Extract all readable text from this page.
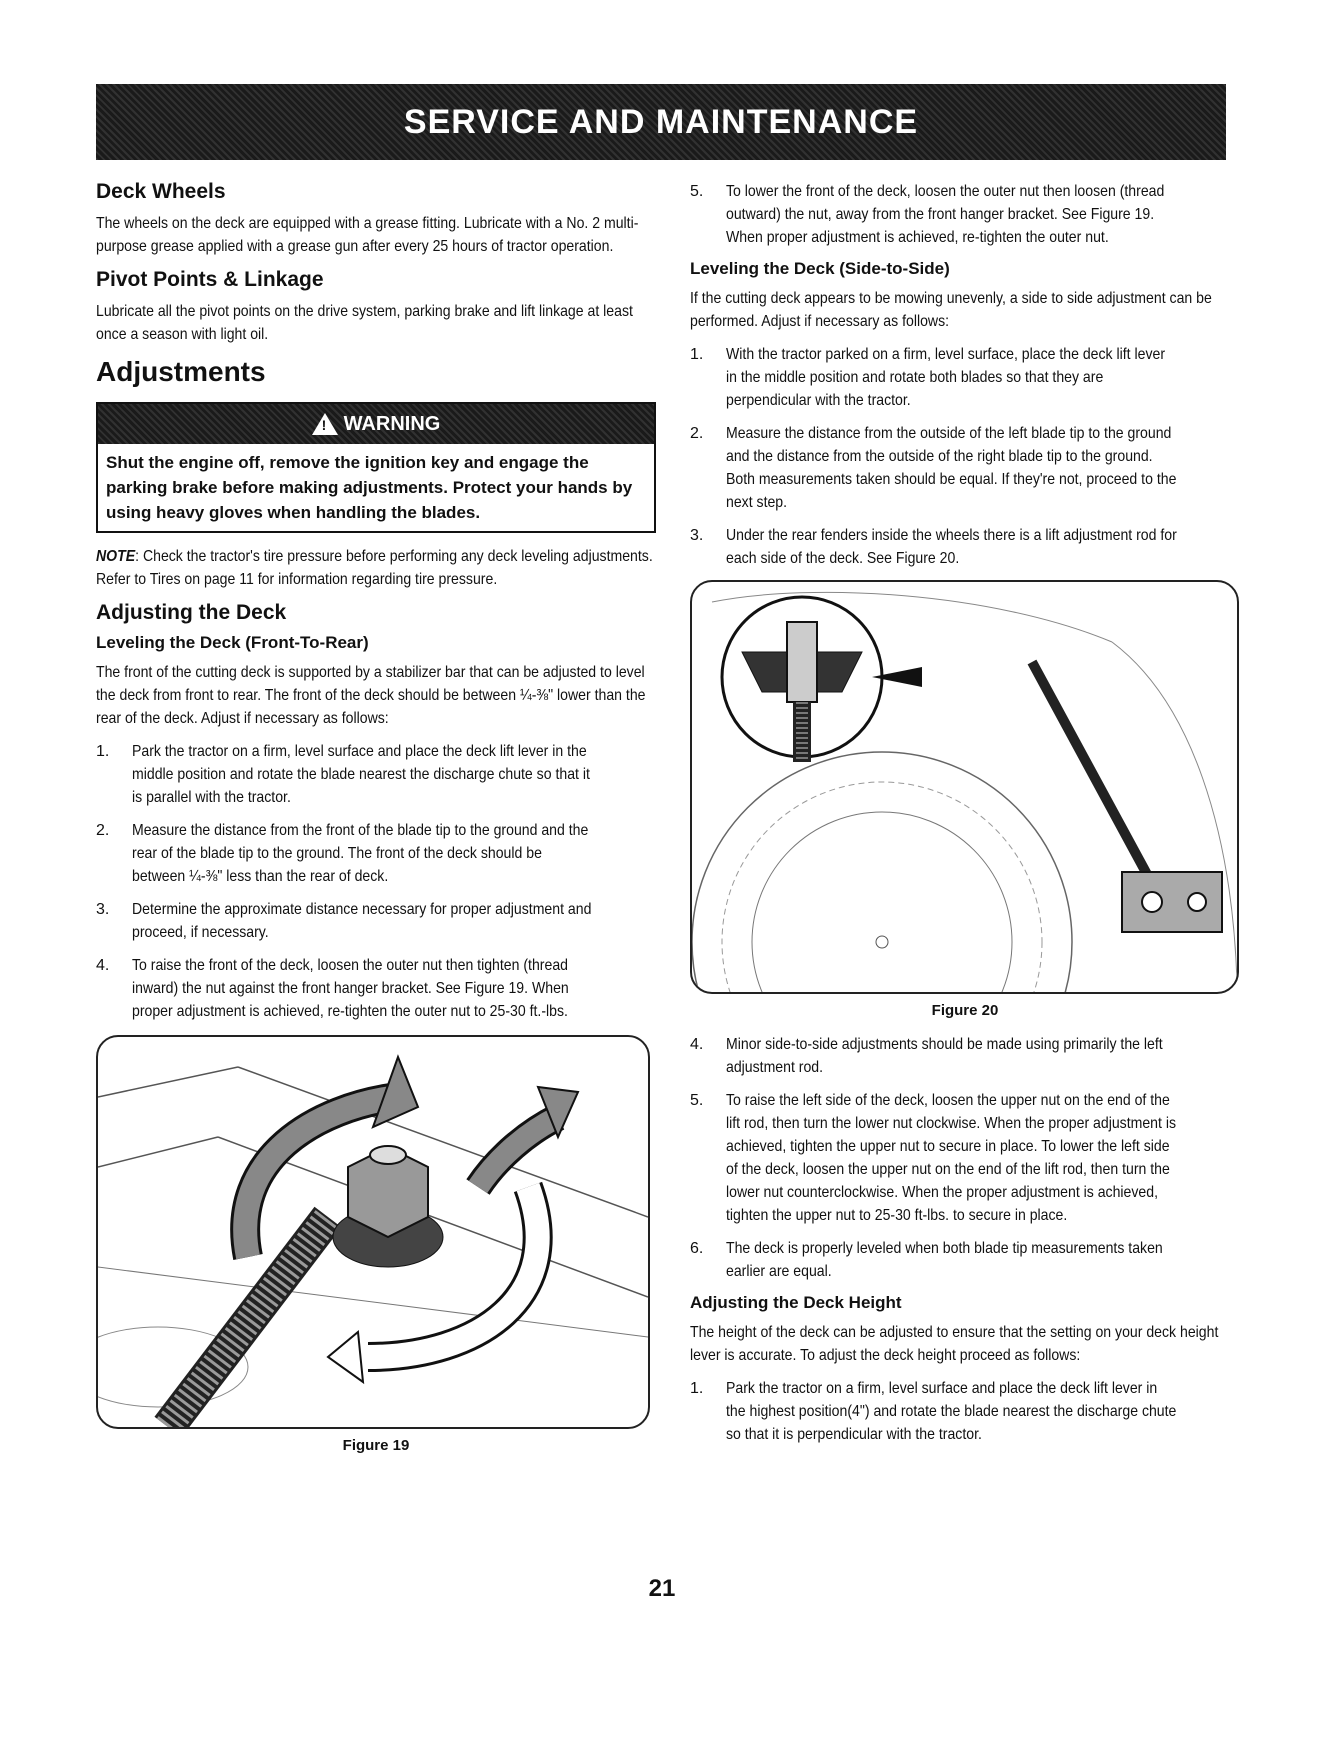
SERVICE AND MAINTENANCE
Deck Wheels

The wheels on the deck are equipped with a grease fitting. Lubricate with a No. 2 multi-purpose grease applied with a grease gun after every 25 hours of tractor operation.

Pivot Points & Linkage

Lubricate all the pivot points on the drive system, parking brake and lift linkage at least once a season with light oil.

Adjustments
! WARNING
Shut the engine off, remove the ignition key and engage the parking brake before making adjustments. Protect your hands by using heavy gloves when handling the blades.

NOTE: Check the tractor's tire pressure before performing any deck leveling adjustments. Refer to Tires on page 11 for information regarding tire pressure.

Adjusting the Deck
Leveling the Deck (Front-To-Rear)

The front of the cutting deck is supported by a stabilizer bar that can be adjusted to level the deck from front to rear. The front of the deck should be between ¼-⅜" lower than the rear of the deck. Adjust if necessary as follows:

1.	Park the tractor on a firm, level surface and place the deck lift lever in the middle position and rotate the blade nearest the discharge chute so that it is parallel with the tractor.
2.	Measure the distance from the front of the blade tip to the ground and the rear of the blade tip to the ground. The front of the deck should be between ¼-⅜" less than the rear of deck.
3.	Determine the approximate distance necessary for proper adjustment and proceed, if necessary.
4.	To raise the front of the deck, loosen the outer nut then tighten (thread inward) the nut against the front hanger bracket. See Figure 19. When proper adjustment is achieved, re-tighten the outer nut to 25-30 ft.-lbs.
Figure 19
5.	To lower the front of the deck, loosen the outer nut then loosen (thread outward) the nut, away from the front hanger bracket. See Figure 19. When proper adjustment is achieved, re-tighten the outer nut.
Leveling the Deck (Side-to-Side)

If the cutting deck appears to be mowing unevenly, a side to side adjustment can be performed. Adjust if necessary as follows:

1.	With the tractor parked on a firm, level surface, place the deck lift lever in the middle position and rotate both blades so that they are perpendicular with the tractor.
2.	Measure the distance from the outside of the left blade tip to the ground and the distance from the outside of the right blade tip to the ground. Both measurements taken should be equal. If they're not, proceed to the next step.
3.	Under the rear fenders inside the wheels there is a lift adjustment rod for each side of the deck. See Figure 20.
Figure 20
4.	Minor side-to-side adjustments should be made using primarily the left adjustment rod.
5.	To raise the left side of the deck, loosen the upper nut on the end of the lift rod, then turn the lower nut clockwise. When the proper adjustment is achieved, tighten the upper nut to secure in place. To lower the left side of the deck, loosen the upper nut on the end of the lift rod, then turn the lower nut counterclockwise. When the proper adjustment is achieved, tighten the upper nut to 25-30 ft-lbs. to secure in place.
6.	The deck is properly leveled when both blade tip measurements taken earlier are equal.
Adjusting the Deck Height

The height of the deck can be adjusted to ensure that the setting on your deck height lever is accurate. To adjust the deck height proceed as follows:

1.	Park the tractor on a firm, level surface and place the deck lift lever in the highest position(4") and rotate the blade nearest the discharge chute so that it is perpendicular with the tractor.
21
